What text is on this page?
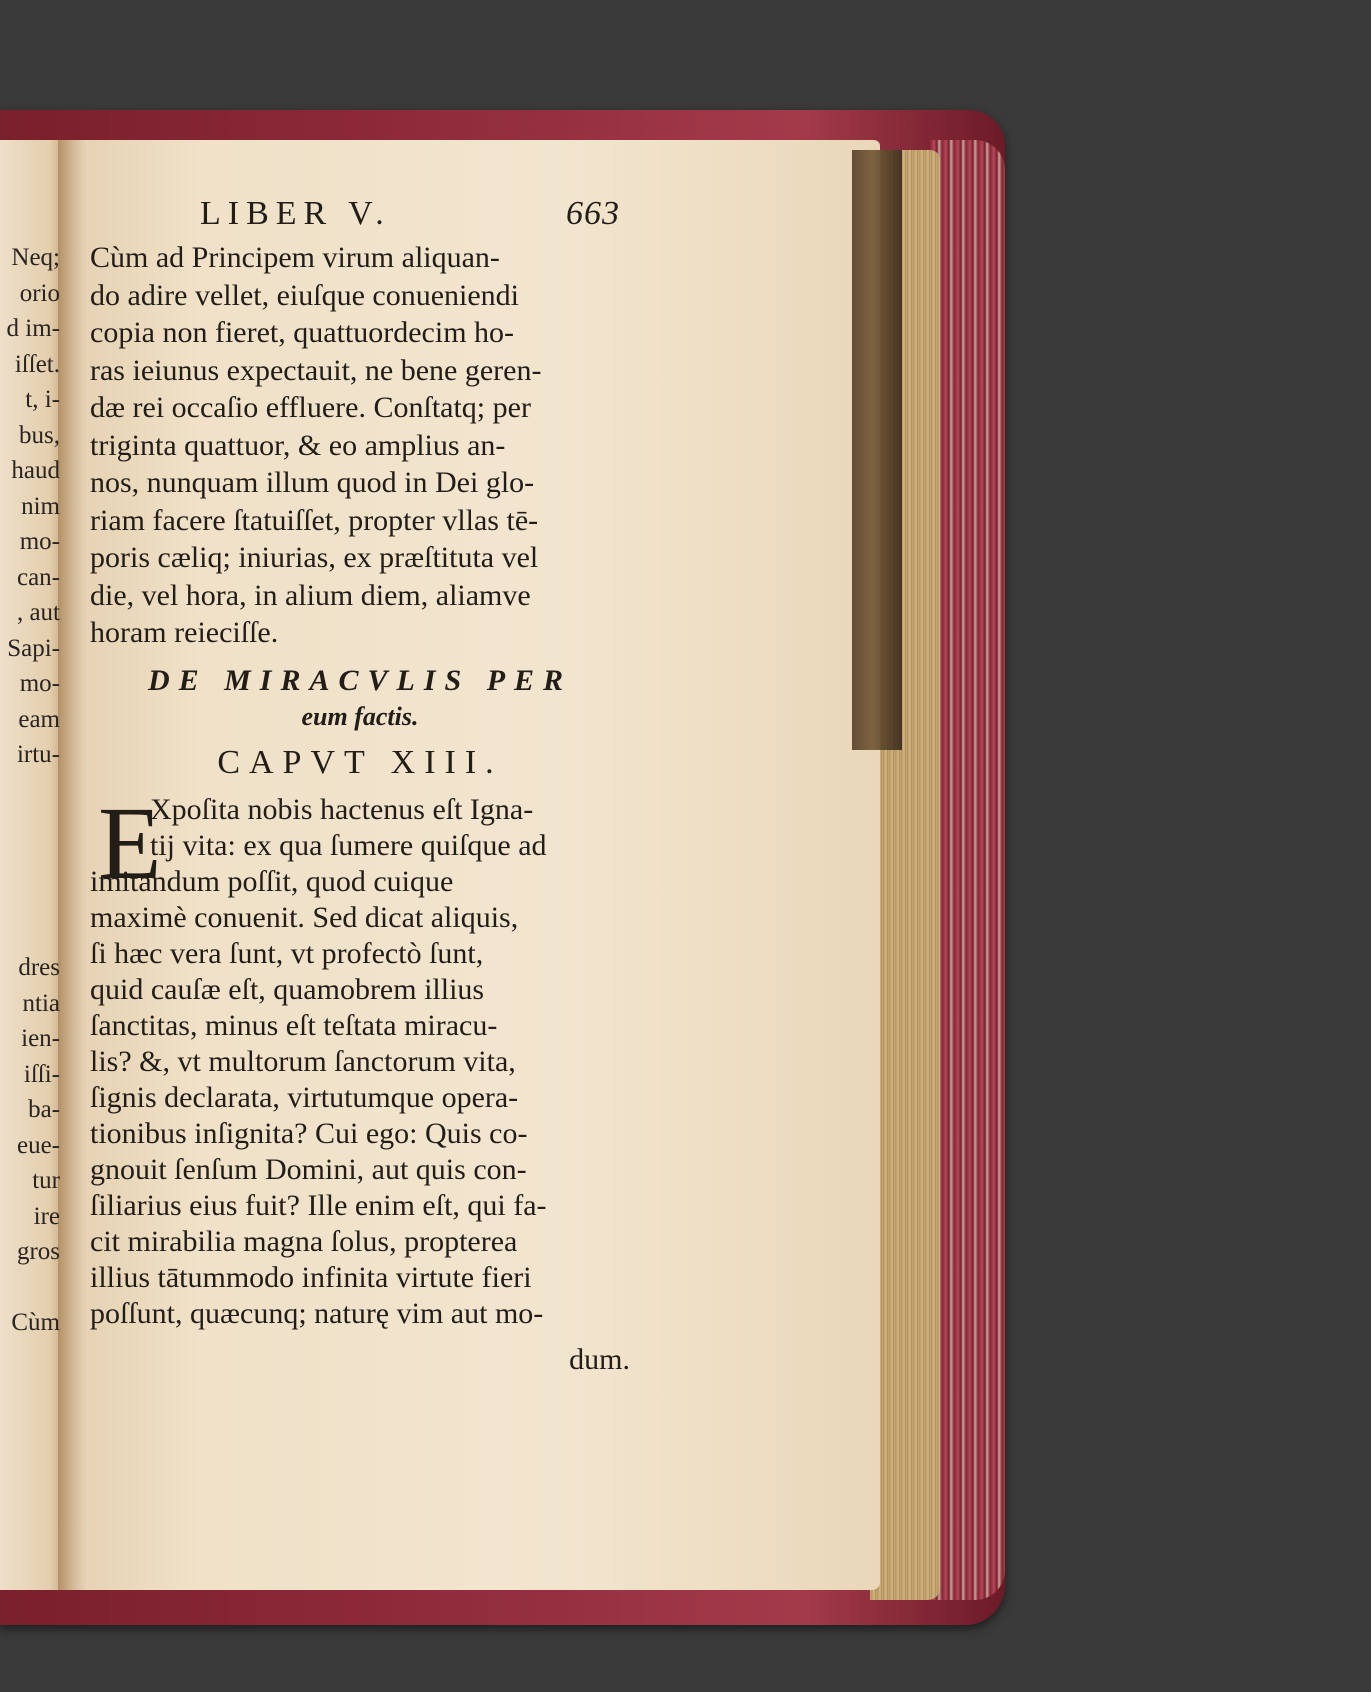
Neq;
orio
d im-
iſſet.
t, i-
bus,
haud
nim
mo-
can-
, aut
Sapi-
mo-
eam
irtu-
dres
ntia
ien-
iſſi-
ba-
eue-
tur
ire
gros
Cùm
LIBER V.	663
Cùm ad Principem virum aliquan-
do adire vellet, eiuſque conueniendi
copia non fieret, quattuordecim ho-
ras ieiunus expectauit, ne bene geren-
dæ rei occaſio effluere. Conſtatq; per
triginta quattuor, & eo amplius an-
nos, nunquam illum quod in Dei glo-
riam facere ſtatuiſſet, propter vllas tē-
poris cæliq; iniurias, ex præſtituta vel
die, vel hora, in alium diem, aliamve
horam reieciſſe.
DE MIRACVLIS PER
eum factis.
CAPVT XIII.
E
Xpoſita nobis hactenus eſt Igna-
tij vita: ex qua ſumere quiſque ad
imitandum poſſit, quod cuique
maximè conuenit. Sed dicat aliquis,
ſi hæc vera ſunt, vt profectò ſunt,
quid cauſæ eſt, quamobrem illius
ſanctitas, minus eſt teſtata miracu-
lis? &, vt multorum ſanctorum vita,
ſignis declarata, virtutumque opera-
tionibus inſignita? Cui ego: Quis co-
gnouit ſenſum Domini, aut quis con-
ſiliarius eius fuit? Ille enim eſt, qui fa-
cit mirabilia magna ſolus, propterea
illius tātummodo infinita virtute fieri
poſſunt, quæcunq; naturę vim aut mo-
dum.
